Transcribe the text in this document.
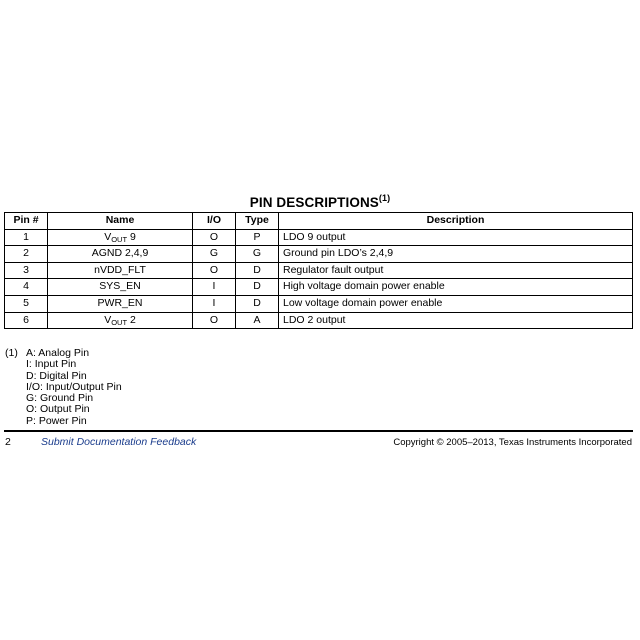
PIN DESCRIPTIONS$^{(1)}$
Pin #	Name	I/O	Type	Description
1	VOUT 9	O	P	LDO 9 output
2	AGND 2,4,9	G	G	Ground pin LDO’s 2,4,9
3	nVDD_FLT	O	D	Regulator fault output
4	SYS_EN	I	D	High voltage domain power enable
5	PWR_EN	I	D	Low voltage domain power enable
6	VOUT 2	O	A	LDO 2 output
(1) A: Analog Pin
I: Input Pin
D: Digital Pin
I/O: Input/Output Pin
G: Ground Pin
O: Output Pin
P: Power Pin
2	Submit Documentation Feedback	Copyright © 2005–2013, Texas Instruments Incorporated
